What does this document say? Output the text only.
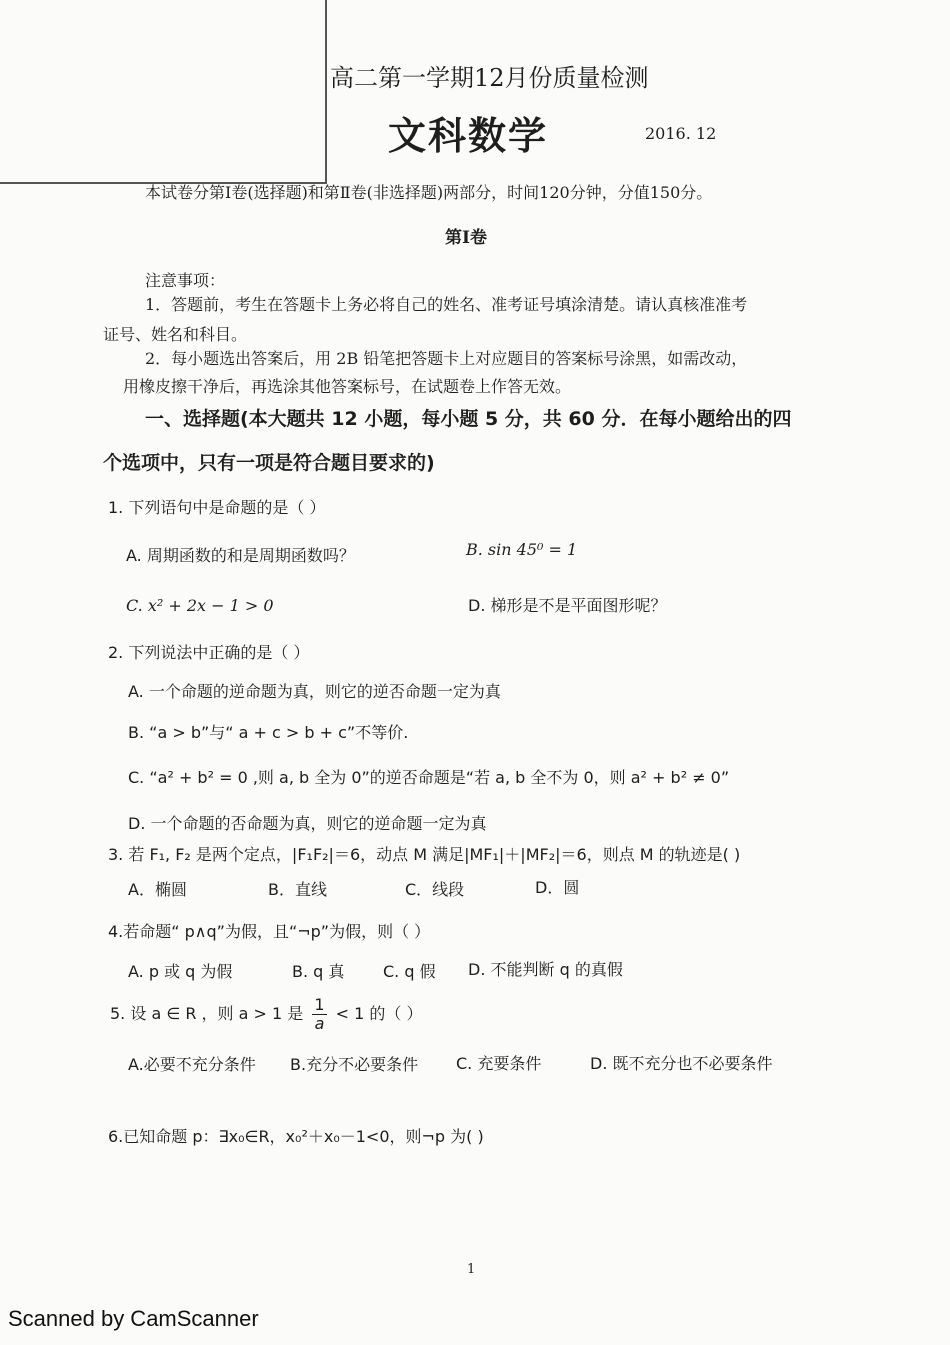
高二第一学期12月份质量检测
文科数学	2016. 12
本试卷分第Ⅰ卷(选择题)和第Ⅱ卷(非选择题)两部分，时间120分钟，分值150分。
第Ⅰ卷
注意事项：
1．答题前，考生在答题卡上务必将自己的姓名、准考证号填涂清楚。请认真核准准考
证号、姓名和科目。
2．每小题选出答案后，用 2B 铅笔把答题卡上对应题目的答案标号涂黑，如需改动，
用橡皮擦干净后，再选涂其他答案标号，在试题卷上作答无效。
一、选择题(本大题共 12 小题，每小题 5 分，共 60 分．在每小题给出的四
个选项中，只有一项是符合题目要求的)
1. 下列语句中是命题的是（ ）
A. 周期函数的和是周期函数吗？	B. sin 45⁰ = 1
C. x² + 2x − 1 > 0	D. 梯形是不是平面图形呢？
2. 下列说法中正确的是（ ）
A. 一个命题的逆命题为真，则它的逆否命题一定为真
B. “a > b”与“ a + c > b + c”不等价.
C. “a² + b² = 0 ,则 a, b 全为 0”的逆否命题是“若 a, b 全不为 0，则 a² + b² ≠ 0”
D. 一个命题的否命题为真，则它的逆命题一定为真
3. 若 F₁, F₂ 是两个定点，|F₁F₂|＝6，动点 M 满足|MF₁|＋|MF₂|＝6，则点 M 的轨迹是( )
A．椭圆	B．直线	C．线段	D．圆
4.若命题“ p∧q”为假，且“¬p”为假，则（ ）
A. p 或 q 为假	B. q 真 C. q 假 D. 不能判断 q 的真假
5. 设 a ∈ R ，则 a > 1 是 $\frac{1}{a} < 1$ 的（ ）
A.必要不充分条件 B.充分不必要条件 C. 充要条件	D. 既不充分也不必要条件
6.已知命题 p：∃x₀∈R，x₀²＋x₀－1<0，则¬p 为( )
1
Scanned by CamScanner
